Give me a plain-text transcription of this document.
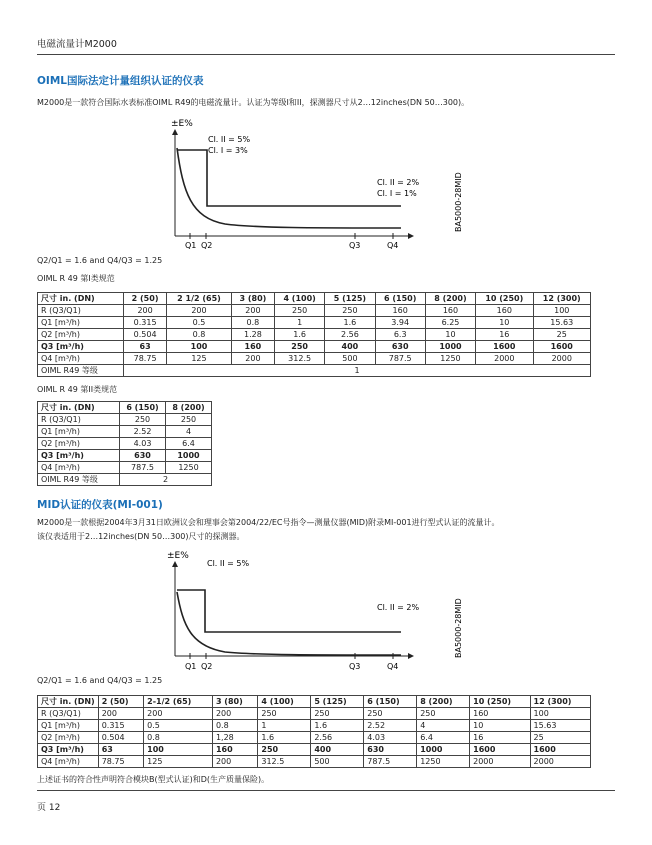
电磁流量计M2000
OIML国际法定计量组织认证的仪表
M2000是一款符合国际水表标准OIML R49的电磁流量计。认证为等级I和II，探测器尺寸从2…12inches(DN 50…300)。
±E%
Cl. II = 5%
Cl. I = 3%
Cl. II = 2%
Cl. I = 1%
Q1 Q2	Q3	Q4
BA5000-28MID
Q2/Q1 = 1.6 and Q4/Q3 = 1.25
OIML R 49 第I类规范
尺寸 in. (DN)	2 (50)	2 1/2 (65)	3 (80)	4 (100)	5 (125)	6 (150)	8 (200)	10 (250)	12 (300)
R (Q3/Q1)	200	200	200	250	250	160	160	160	100
Q1 [m³/h)	0.315	0.5	0.8	1	1.6	3.94	6.25	10	15.63
Q2 [m³/h)	0.504	0.8	1.28	1.6	2.56	6.3	10	16	25
Q3 [m³/h)	63	100	160	250	400	630	1000	1600	1600
Q4 [m³/h)	78.75	125	200	312.5	500	787.5	1250	2000	2000
OIML R49 等级	1								
OIML R 49 第II类规范
尺寸 in. (DN)	6 (150)	8 (200)
R (Q3/Q1)	250	250
Q1 [m³/h)	2.52	4
Q2 [m³/h)	4.03	6.4
Q3 [m³/h)	630	1000
Q4 [m³/h)	787.5	1250
OIML R49 等级	2	
MID认证的仪表(MI-001)
M2000是一款根据2004年3月31日欧洲议会和理事会第2004/22/EC号指令—测量仪器(MID)附录MI-001进行型式认证的流量计。
该仪表适用于2…12inches(DN 50…300)尺寸的探测器。
±E%
Cl. II = 5%
Cl. II = 2%
Q1 Q2	Q3	Q4
BA5000-28MID
Q2/Q1 = 1.6 and Q4/Q3 = 1.25
尺寸 in. (DN)	2 (50)	2-1/2 (65)	3 (80)	4 (100)	5 (125)	6 (150)	8 (200)	10 (250)	12 (300)
R (Q3/Q1)	200	200	200	250	250	250	250	160	100
Q1 [m³/h)	0.315	0.5	0.8	1	1.6	2.52	4	10	15.63
Q2 [m³/h)	0.504	0.8	1,28	1.6	2.56	4.03	6.4	16	25
Q3 [m³/h)	63	100	160	250	400	630	1000	1600	1600
Q4 [m³/h)	78.75	125	200	312.5	500	787.5	1250	2000	2000
上述证书的符合性声明符合模块B(型式认证)和D(生产质量保险)。
页 12
